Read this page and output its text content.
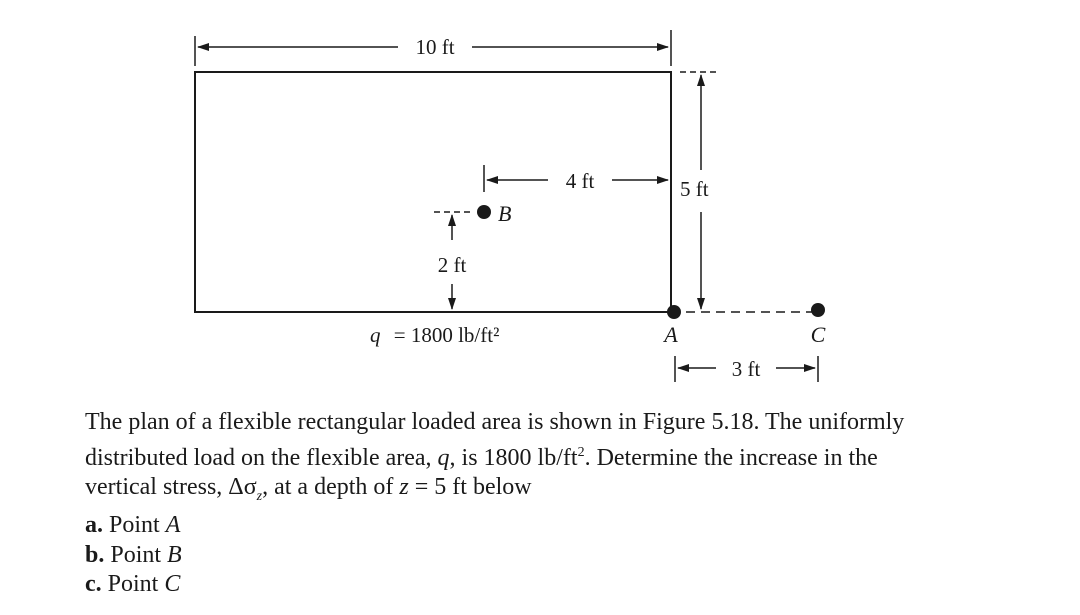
10 ft
4 ft
B
2 ft
5 ft
A	C
3 ft
q = 1800 lb/ft²

The plan of a flexible rectangular loaded area is shown in Figure 5.18. The uniformly

distributed load on the flexible area, q, is 1800 $lb/ft^2$. Determine the increase in the

vertical stress, $\Delta\sigma_z$, at a depth of z = 5 ft below

a. Point A
b. Point B
c. Point C
